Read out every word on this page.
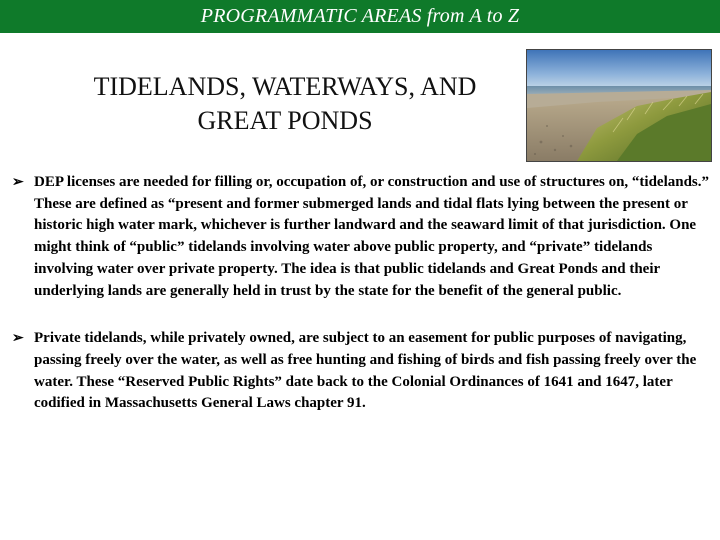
PROGRAMMATIC AREAS from A to Z
TIDELANDS, WATERWAYS, AND
GREAT PONDS
➢ DEP licenses are needed for filling or, occupation of, or construction and use of structures on, “tidelands.” These are defined as “present and former submerged lands and tidal flats lying between the present or historic high water mark, whichever is further landward and the seaward limit of that jurisdiction. One might think of “public” tidelands involving water above public property, and “private” tidelands involving water over private property. The idea is that public tidelands and Great Ponds and their underlying lands are generally held in trust by the state for the benefit of the general public.
➢ Private tidelands, while privately owned, are subject to an easement for public purposes of navigating, passing freely over the water, as well as free hunting and fishing of birds and fish passing freely over the water. These “Reserved Public Rights” date back to the Colonial Ordinances of 1641 and 1647, later codified in Massachusetts General Laws chapter 91.
